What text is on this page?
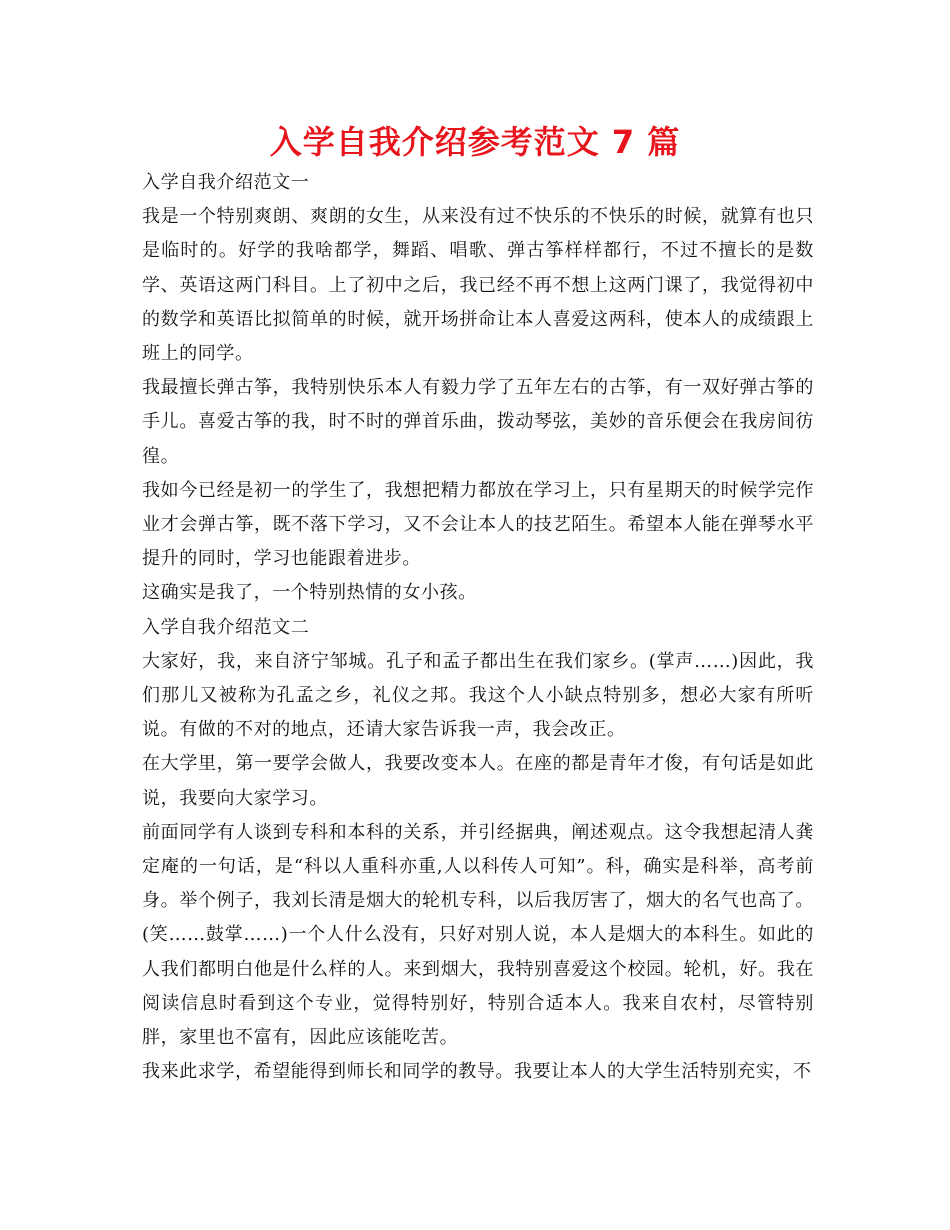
入学自我介绍参考范文 7 篇

入学自我介绍范文一

我是一个特别爽朗、爽朗的女生，从来没有过不快乐的不快乐的时候，就算有也只是临时的。好学的我啥都学，舞蹈、唱歌、弹古筝样样都行，不过不擅长的是数学、英语这两门科目。上了初中之后，我已经不再不想上这两门课了，我觉得初中的数学和英语比拟简单的时候，就开场拼命让本人喜爱这两科，使本人的成绩跟上班上的同学。

我最擅长弹古筝，我特别快乐本人有毅力学了五年左右的古筝，有一双好弹古筝的手儿。喜爱古筝的我，时不时的弹首乐曲，拨动琴弦，美妙的音乐便会在我房间彷徨。

我如今已经是初一的学生了，我想把精力都放在学习上，只有星期天的时候学完作业才会弹古筝，既不落下学习，又不会让本人的技艺陌生。希望本人能在弹琴水平提升的同时，学习也能跟着进步。

这确实是我了，一个特别热情的女小孩。

入学自我介绍范文二

大家好，我，来自济宁邹城。孔子和孟子都出生在我们家乡。(掌声……)因此，我们那儿又被称为孔孟之乡，礼仪之邦。我这个人小缺点特别多，想必大家有所听说。有做的不对的地点，还请大家告诉我一声，我会改正。

在大学里，第一要学会做人，我要改变本人。在座的都是青年才俊，有句话是如此说，我要向大家学习。

前面同学有人谈到专科和本科的关系，并引经据典，阐述观点。这令我想起清人龚定庵的一句话，是“科以人重科亦重,人以科传人可知”。科，确实是科举，高考前身。举个例子，我刘长清是烟大的轮机专科，以后我厉害了，烟大的名气也高了。(笑……鼓掌……)一个人什么没有，只好对别人说，本人是烟大的本科生。如此的人我们都明白他是什么样的人。来到烟大，我特别喜爱这个校园。轮机，好。我在阅读信息时看到这个专业，觉得特别好，特别合适本人。我来自农村，尽管特别胖，家里也不富有，因此应该能吃苦。

我来此求学，希望能得到师长和同学的教导。我要让本人的大学生活特别充实，不
